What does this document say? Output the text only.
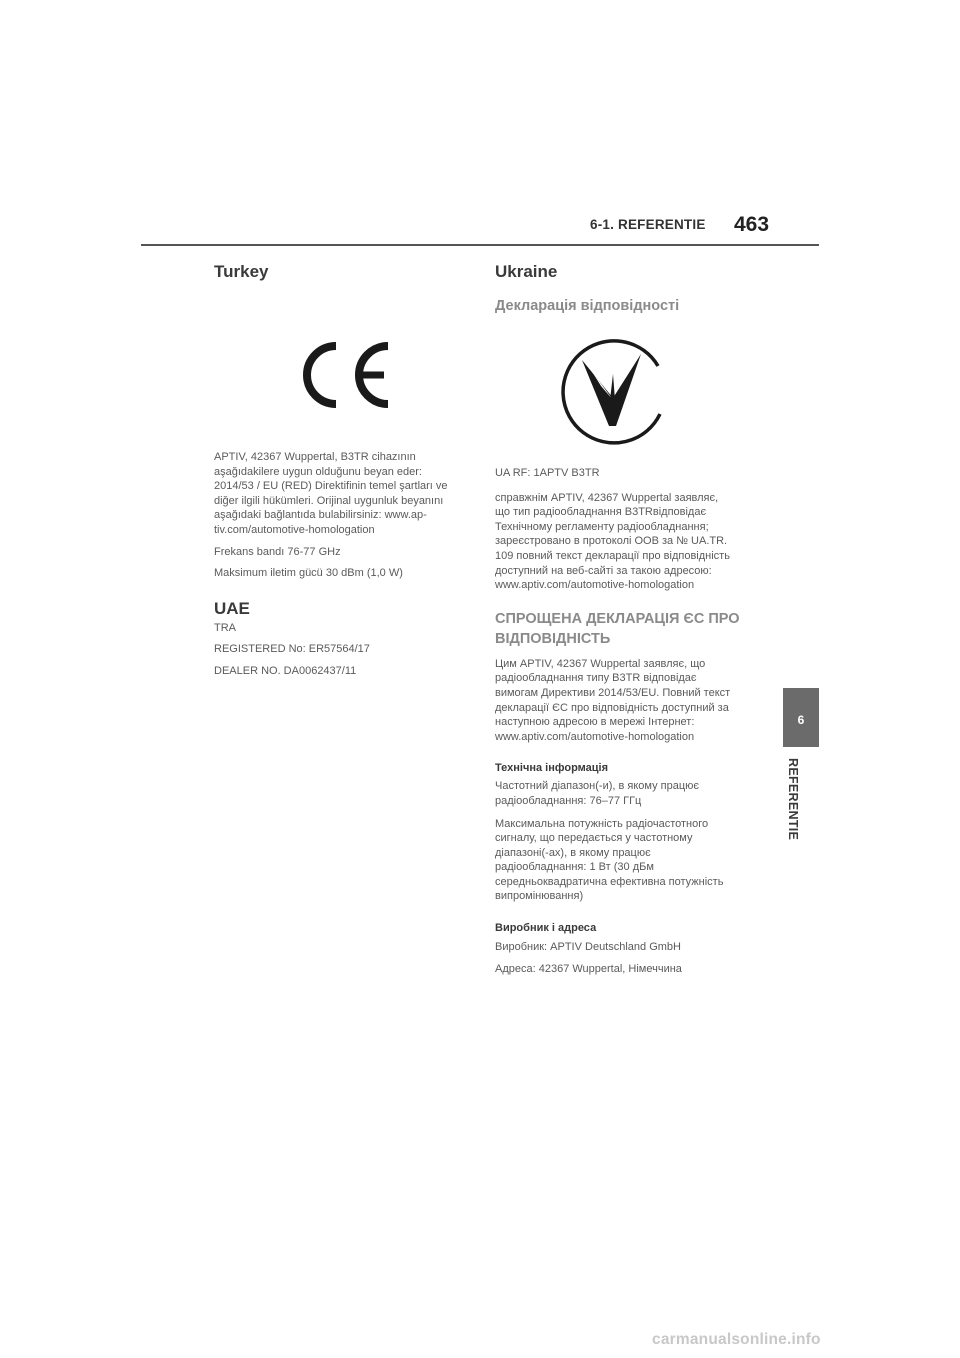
6-1. REFERENTIE 463
Turkey

APTIV, 42367 Wuppertal, B3TR cihazının
aşağıdakilere uygun olduğunu beyan eder:
2014/53 / EU (RED) Direktifinin temel şartları ve
diğer ilgili hükümleri. Orijinal uygunluk beyanını
aşağıdaki bağlantıda bulabilirsiniz: www.ap-
tiv.com/automotive-homologation

Frekans bandı 76-77 GHz

Maksimum iletim gücü 30 dBm (1,0 W)

UAE

TRA

REGISTERED No: ER57564/17

DEALER NO. DA0062437/11

Ukraine
Декларація відповідності

UA RF: 1APTV B3TR

справжнім APTIV, 42367 Wuppertal заявляє,
що тип радіообладнання B3TRвідповідає
Технічному регламенту радіообладнання;
зареєстровано в протоколі ООВ за № UA.TR.
109 повний текст декларації про відповідність
доступний на веб-сайті за такою адресою:
www.aptiv.com/automotive-homologation

СПРОЩЕНА ДЕКЛАРАЦІЯ ЄС ПРО
ВІДПОВІДНІСТЬ

Цим APTIV, 42367 Wuppertal заявляє, що
радіообладнання типу B3TR відповідає
вимогам Директиви 2014/53/EU. Повний текст
декларації ЄС про відповідність доступний за
наступною адресою в мережі Інтернет:
www.aptiv.com/automotive-homologation

Технічна інформація

Частотний діапазон(-и), в якому працює
радіообладнання: 76–77 ГГц

Максимальна потужність радіочастотного
сигналу, що передається у частотному
діапазоні(-ах), в якому працює
радіообладнання: 1 Вт (30 дБм
середньоквадратична ефективна потужність
випромінювання)

Виробник і адреса

Виробник: APTIV Deutschland GmbH

Адреса: 42367 Wuppertal, Німеччина

6
REFERENTIE
carmanualsonline.info
